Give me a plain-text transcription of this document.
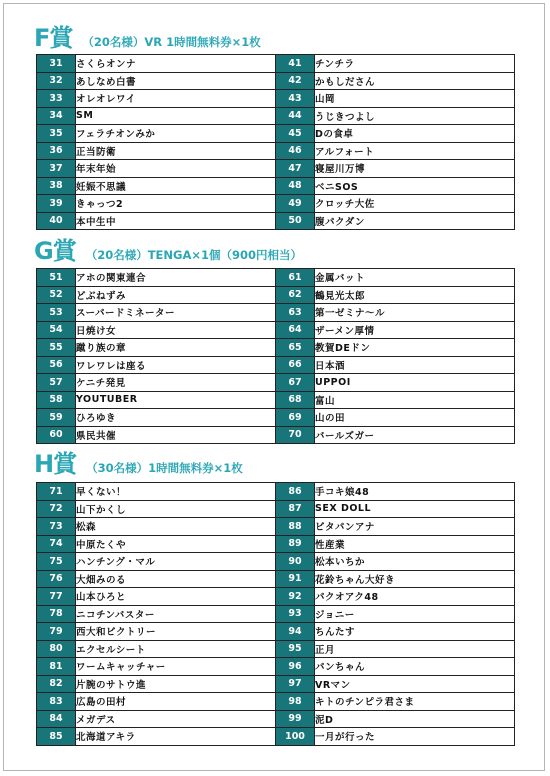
F賞 （20名様）VR 1時間無料券×1枚
31	さくらオンナ	41	チンチラ
32	あしなめ白書	42	かもしださん
33	オレオレワイ	43	山岡
34	SM	44	うじきつよし
35	フェラチオンみか	45	Dの食卓
36	正当防衛	46	アルフォート
37	年末年始	47	寝屋川万博
38	妊娠不思議	48	ベニSOS
39	きゃっつ2	49	クロッチ大佐
40	本中生中	50	腹パクダン
G賞 （20名様）TENGA×1個（900円相当）
51	アホの関東連合	61	金属バット
52	どぶねずみ	62	鶴見光太郎
53	スーパードミネーター	63	第一ゼミナ〜ル
54	日焼け女	64	ザーメン厚情
55	蹴り族の章	65	教賀DEドン
56	ワレワレは座る	66	日本酒
57	ケニチ発見	67	UPPOI
58	YOUTUBER	68	富山
59	ひろゆき	69	山の田
60	県民共催	70	バールズガー
H賞 （30名様）1時間無料券×1枚
71	早くない！	86	手コキ娘48
72	山下かくし	87	SEX DOLL
73	松森	88	ビタパンアナ
74	中原たくや	89	性産業
75	ハンチング・マル	90	松本いちか
76	大畑みのる	91	花鈴ちゃん大好き
77	山本ひろと	92	パクオアク48
78	ニコチンバスター	93	ジョニー
79	西大和ビクトリー	94	ちんたす
80	エクセルシート	95	正月
81	ワームキャッチャー	96	パンちゃん
82	片腕のサトウ進	97	VRマン
83	広島の田村	98	キトのチンピラ君さま
84	メガデス	99	泥D
85	北海道アキラ	100	一月が行った
